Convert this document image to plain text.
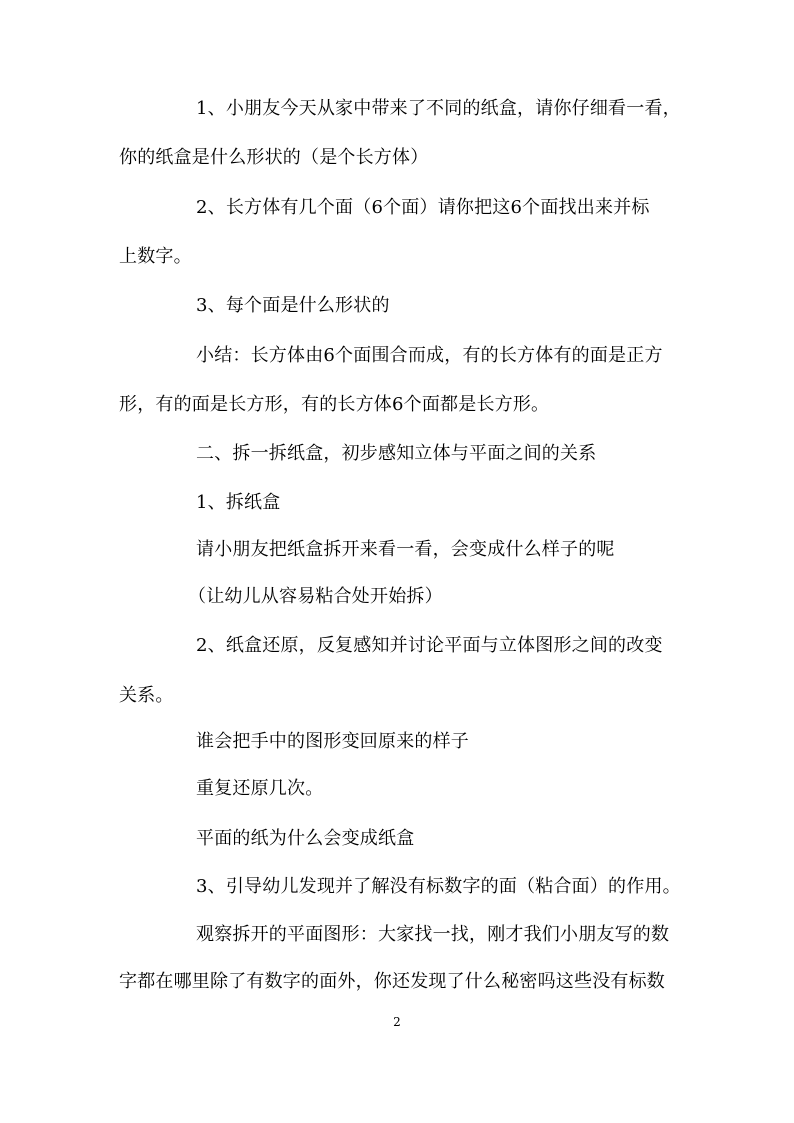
1、小朋友今天从家中带来了不同的纸盒，请你仔细看一看，
你的纸盒是什么形状的（是个长方体）
2、长方体有几个面（6个面）请你把这6个面找出来并标
上数字。
3、每个面是什么形状的
小结：长方体由6个面围合而成，有的长方体有的面是正方
形，有的面是长方形，有的长方体6个面都是长方形。
二、拆一拆纸盒，初步感知立体与平面之间的关系
1、拆纸盒
请小朋友把纸盒拆开来看一看，会变成什么样子的呢
（让幼儿从容易粘合处开始拆）
2、纸盒还原，反复感知并讨论平面与立体图形之间的改变
关系。
谁会把手中的图形变回原来的样子
重复还原几次。
平面的纸为什么会变成纸盒
3、引导幼儿发现并了解没有标数字的面（粘合面）的作用。
观察拆开的平面图形：大家找一找，刚才我们小朋友写的数
字都在哪里除了有数字的面外，你还发现了什么秘密吗这些没有标数
2
